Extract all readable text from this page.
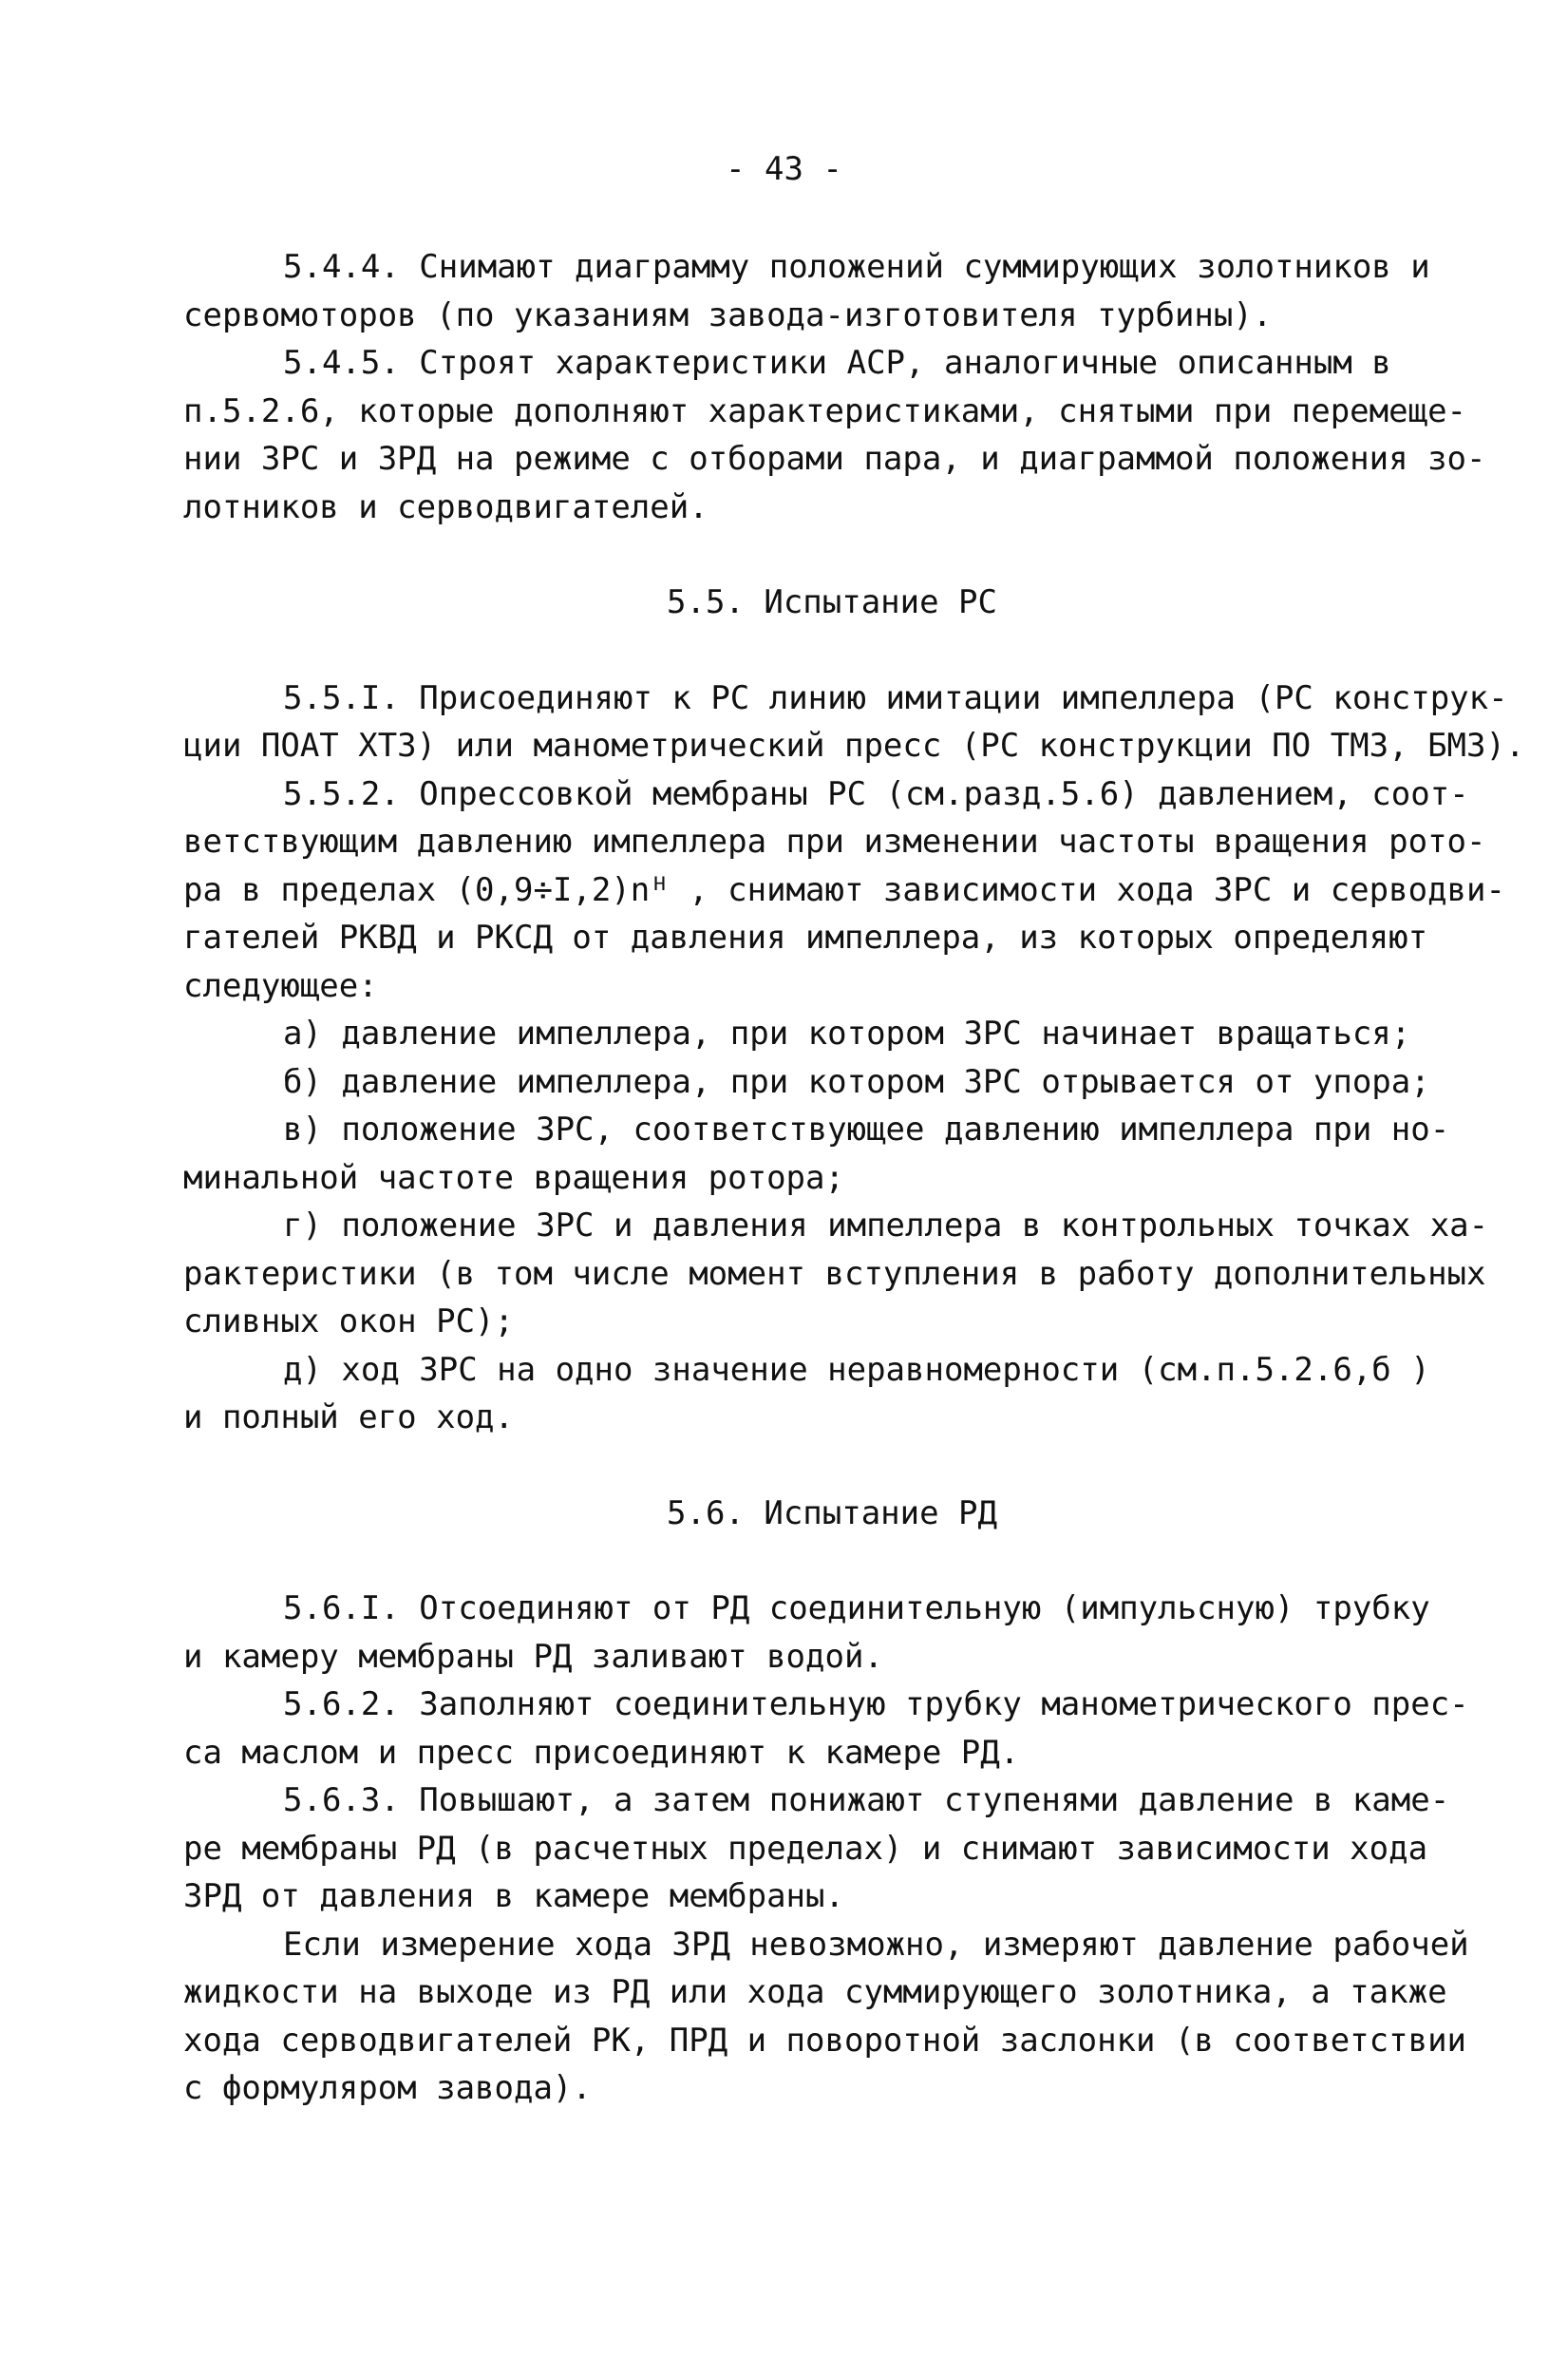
- 43 -

5.4.4. Снимают диаграмму положений суммирующих золотников и

сервомоторов (по указаниям завода-изготовителя турбины).

5.4.5. Строят характеристики АСР, аналогичные описанным в

п.5.2.6, которые дополняют характеристиками, снятыми при перемеще-

нии ЗРС и ЗРД на режиме с отборами пара, и диаграммой положения зо-

лотников и серводвигателей.

5.5. Испытание РС

5.5.I. Присоединяют к РС линию имитации импеллера (РС конструк-

ции ПОАТ ХТЗ) или манометрический пресс (РС конструкции ПО ТМЗ, БМЗ).

5.5.2. Опрессовкой мембраны РС (см.разд.5.6) давлением, соот-

ветствующим давлению импеллера при изменении частоты вращения рото-

ра в пределах (0,9÷I,2)nᴴ , снимают зависимости хода ЗРС и серводви-

гателей РКВД и РКСД от давления импеллера, из которых определяют

следующее:

а) давление импеллера, при котором ЗРС начинает вращаться;

б) давление импеллера, при котором ЗРС отрывается от упора;

в) положение ЗРС, соответствующее давлению импеллера при но-

минальной частоте вращения ротора;

г) положение ЗРС и давления импеллера в контрольных точках ха-

рактеристики (в том числе момент вступления в работу дополнительных

сливных окон РС);

д) ход ЗРС на одно значение неравномерности (см.п.5.2.6,б )

и полный его ход.

5.6. Испытание РД

5.6.I. Отсоединяют от РД соединительную (импульсную) трубку

и камеру мембраны РД заливают водой.

5.6.2. Заполняют соединительную трубку манометрического прес-

са маслом и пресс присоединяют к камере РД.

5.6.3. Повышают, а затем понижают ступенями давление в каме-

ре мембраны РД (в расчетных пределах) и снимают зависимости хода

ЗРД от давления в камере мембраны.

Если измерение хода ЗРД невозможно, измеряют давление рабочей

жидкости на выходе из РД или хода суммирующего золотника, а также

хода серводвигателей РК, ПРД и поворотной заслонки (в соответствии

с формуляром завода).
